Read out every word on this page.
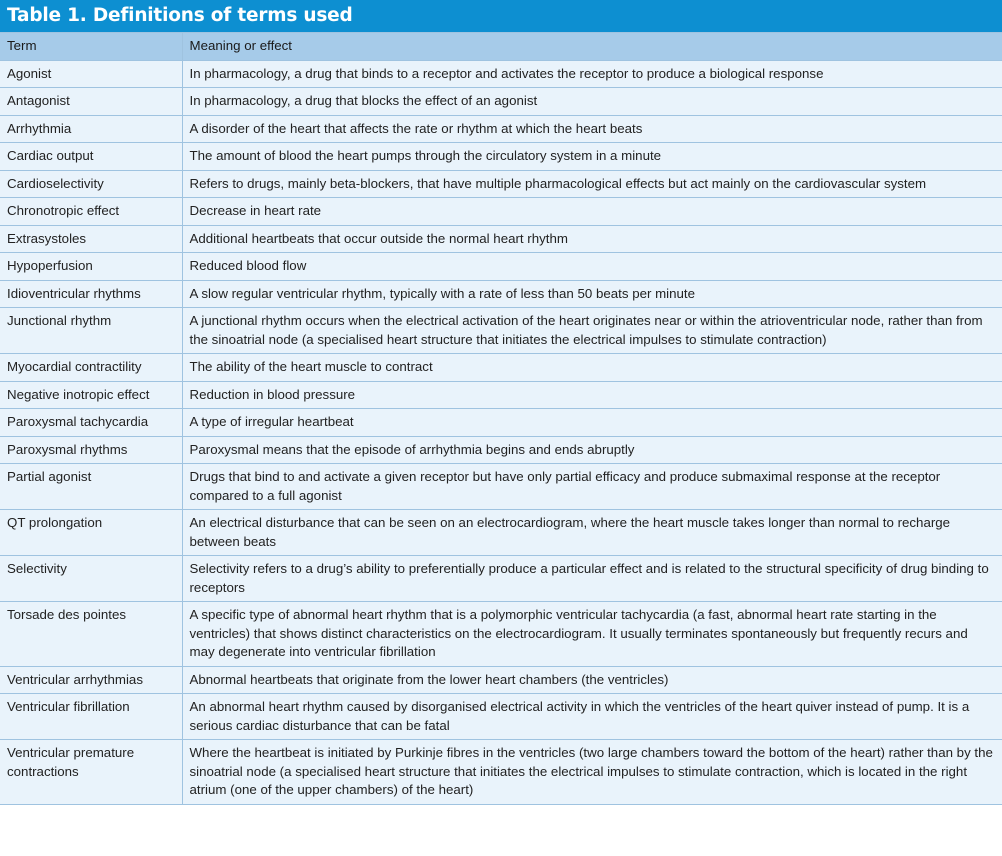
Table 1. Definitions of terms used
Term	Meaning or effect
Agonist	In pharmacology, a drug that binds to a receptor and activates the receptor to produce a biological response
Antagonist	In pharmacology, a drug that blocks the effect of an agonist
Arrhythmia	A disorder of the heart that affects the rate or rhythm at which the heart beats
Cardiac output	The amount of blood the heart pumps through the circulatory system in a minute
Cardioselectivity	Refers to drugs, mainly beta-blockers, that have multiple pharmacological effects but act mainly on the cardiovascular system
Chronotropic effect	Decrease in heart rate
Extrasystoles	Additional heartbeats that occur outside the normal heart rhythm
Hypoperfusion	Reduced blood flow
Idioventricular rhythms	A slow regular ventricular rhythm, typically with a rate of less than 50 beats per minute
Junctional rhythm	A junctional rhythm occurs when the electrical activation of the heart originates near or within the atrioventricular node, rather than from the sinoatrial node (a specialised heart structure that initiates the electrical impulses to stimulate contraction)
Myocardial contractility	The ability of the heart muscle to contract
Negative inotropic effect	Reduction in blood pressure
Paroxysmal tachycardia	A type of irregular heartbeat
Paroxysmal rhythms	Paroxysmal means that the episode of arrhythmia begins and ends abruptly
Partial agonist	Drugs that bind to and activate a given receptor but have only partial efficacy and produce submaximal response at the receptor compared to a full agonist
QT prolongation	An electrical disturbance that can be seen on an electrocardiogram, where the heart muscle takes longer than normal to recharge between beats
Selectivity	Selectivity refers to a drug’s ability to preferentially produce a particular effect and is related to the structural specificity of drug binding to receptors
Torsade des pointes	A specific type of abnormal heart rhythm that is a polymorphic ventricular tachycardia (a fast, abnormal heart rate starting in the ventricles) that shows distinct characteristics on the electrocardiogram. It usually terminates spontaneously but frequently recurs and may degenerate into ventricular fibrillation
Ventricular arrhythmias	Abnormal heartbeats that originate from the lower heart chambers (the ventricles)
Ventricular fibrillation	An abnormal heart rhythm caused by disorganised electrical activity in which the ventricles of the heart quiver instead of pump. It is a serious cardiac disturbance that can be fatal
Ventricular premature contractions	Where the heartbeat is initiated by Purkinje fibres in the ventricles (two large chambers toward the bottom of the heart) rather than by the sinoatrial node (a specialised heart structure that initiates the electrical impulses to stimulate contraction, which is located in the right atrium (one of the upper chambers) of the heart)
